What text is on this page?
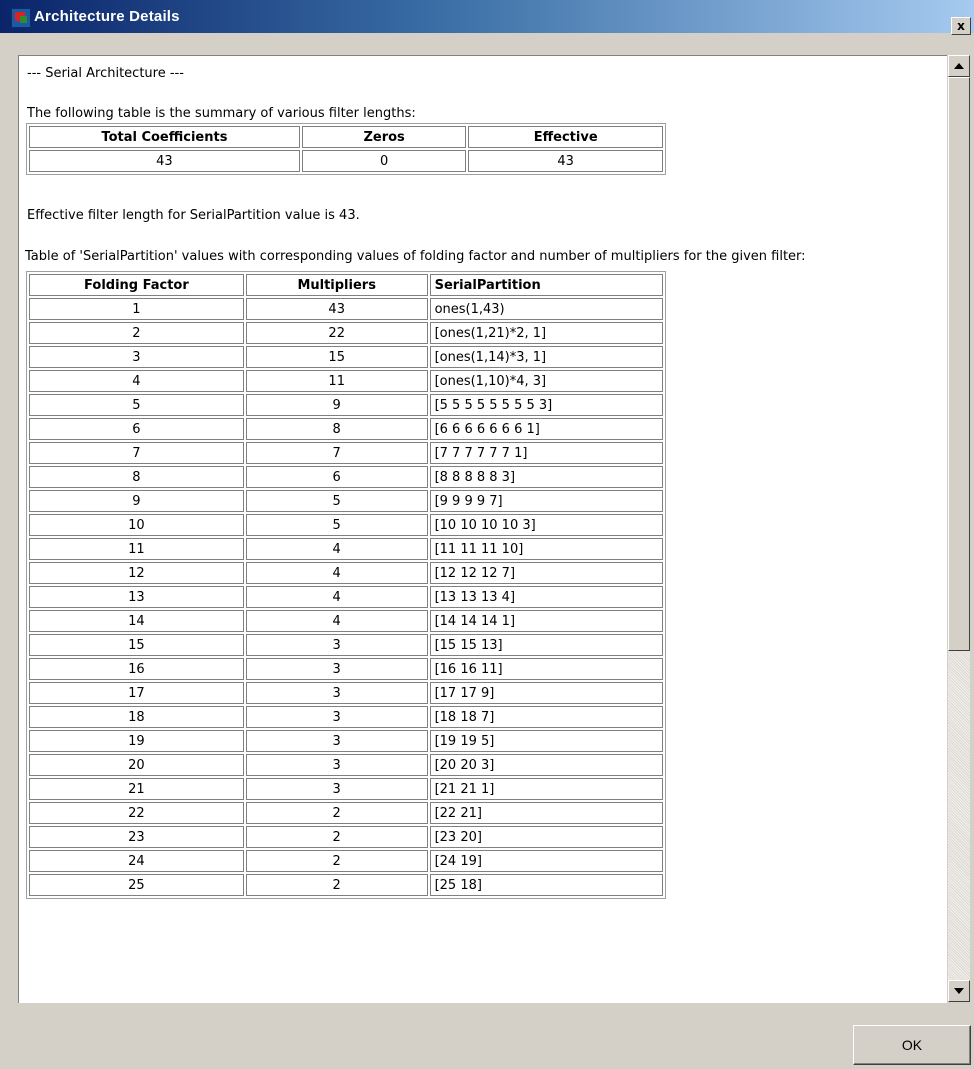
Architecture Details
x
--- Serial Architecture ---
The following table is the summary of various filter lengths:
Total Coefficients	Zeros	Effective
43	0	43
Effective filter length for SerialPartition value is 43.
Table of 'SerialPartition' values with corresponding values of folding factor and number of multipliers for the given filter:
Folding Factor	Multipliers	SerialPartition
1	43	ones(1,43)
2	22	[ones(1,21)*2, 1]
3	15	[ones(1,14)*3, 1]
4	11	[ones(1,10)*4, 3]
5	9	[5 5 5 5 5 5 5 5 3]
6	8	[6 6 6 6 6 6 6 1]
7	7	[7 7 7 7 7 7 1]
8	6	[8 8 8 8 8 3]
9	5	[9 9 9 9 7]
10	5	[10 10 10 10 3]
11	4	[11 11 11 10]
12	4	[12 12 12 7]
13	4	[13 13 13 4]
14	4	[14 14 14 1]
15	3	[15 15 13]
16	3	[16 16 11]
17	3	[17 17 9]
18	3	[18 18 7]
19	3	[19 19 5]
20	3	[20 20 3]
21	3	[21 21 1]
22	2	[22 21]
23	2	[23 20]
24	2	[24 19]
25	2	[25 18]
OK
